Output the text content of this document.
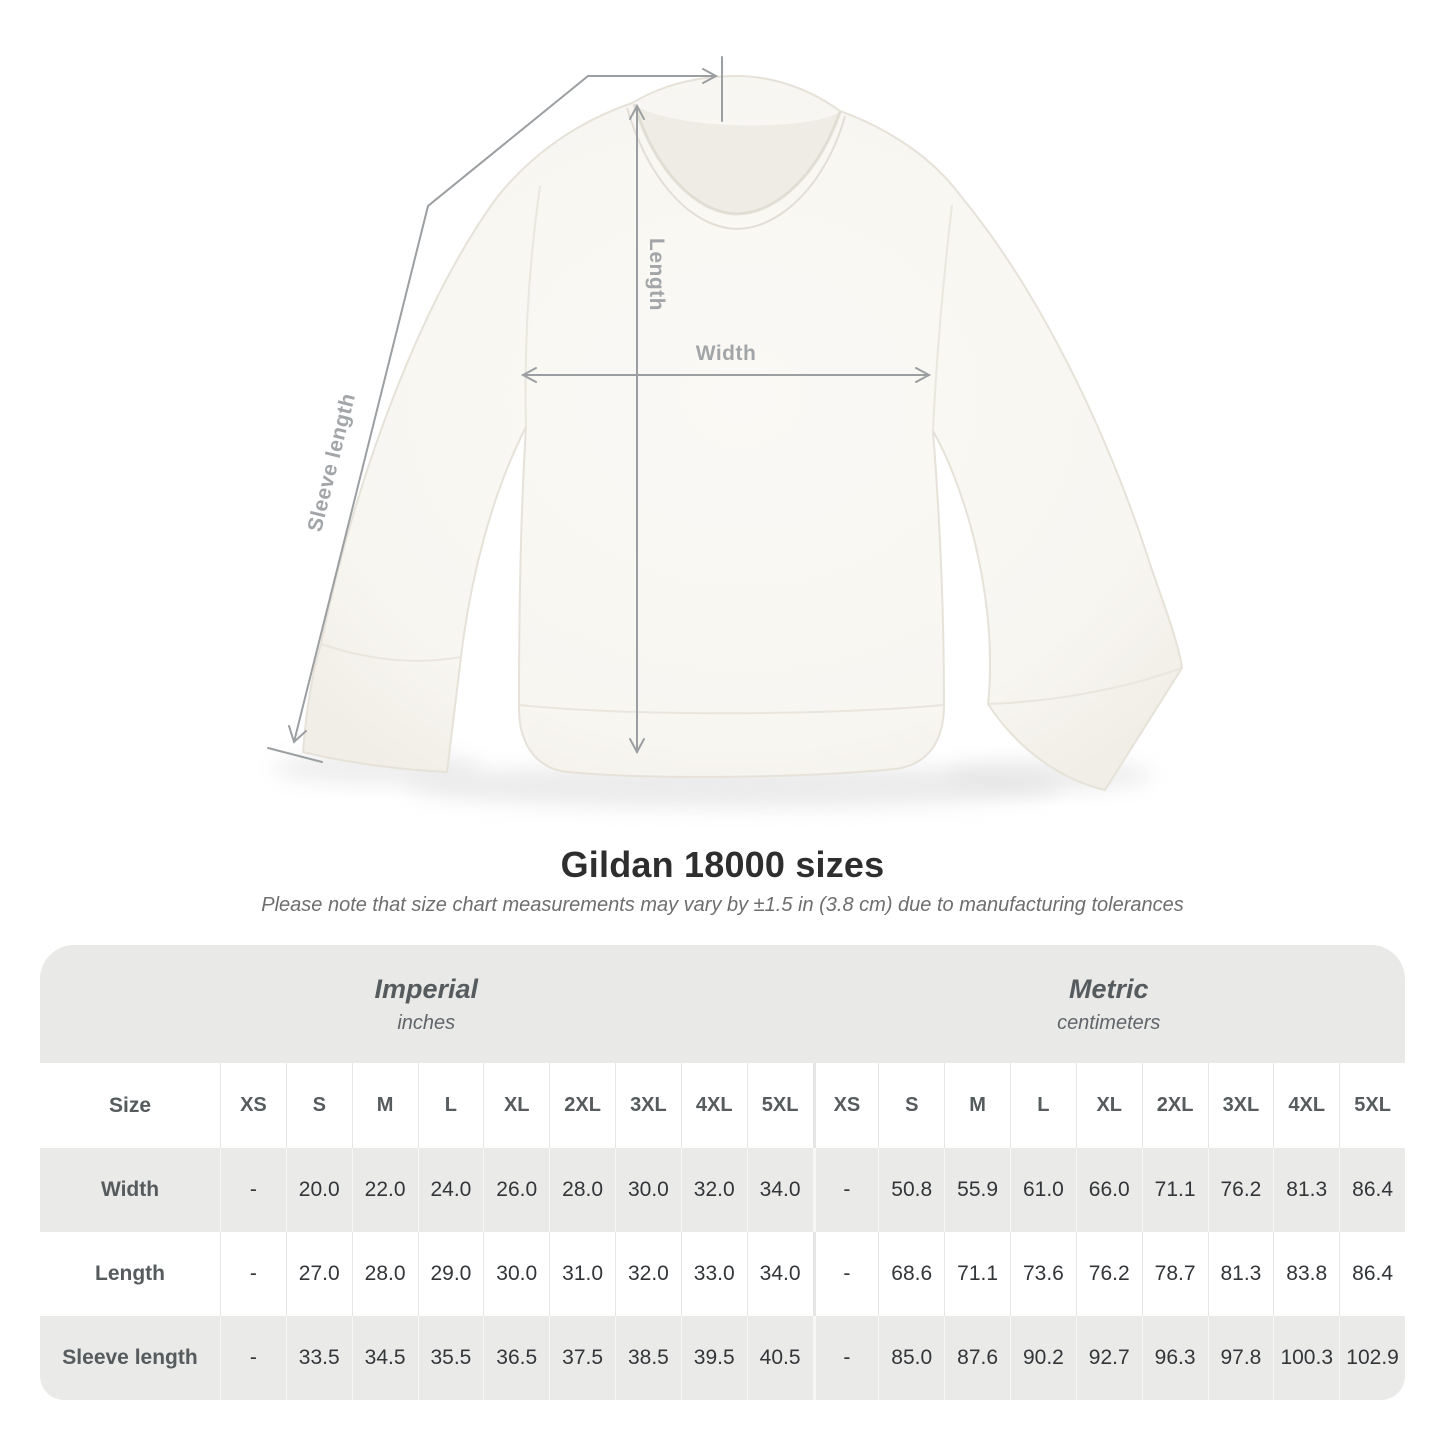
Width
Length
Sleeve length
Gildan 18000 sizes
Please note that size chart measurements may vary by ±1.5 in (3.8 cm) due to manufacturing tolerances
Imperial
inches
Metric
centimeters
Size	XS	S	M	L	XL	2XL	3XL	4XL	5XL	XS	S	M	L	XL	2XL	3XL	4XL	5XL
Width	-	20.0	22.0	24.0	26.0	28.0	30.0	32.0	34.0	-	50.8	55.9	61.0	66.0	71.1	76.2	81.3	86.4
Length	-	27.0	28.0	29.0	30.0	31.0	32.0	33.0	34.0	-	68.6	71.1	73.6	76.2	78.7	81.3	83.8	86.4
Sleeve length	-	33.5	34.5	35.5	36.5	37.5	38.5	39.5	40.5	-	85.0	87.6	90.2	92.7	96.3	97.8 100.3 102.9
